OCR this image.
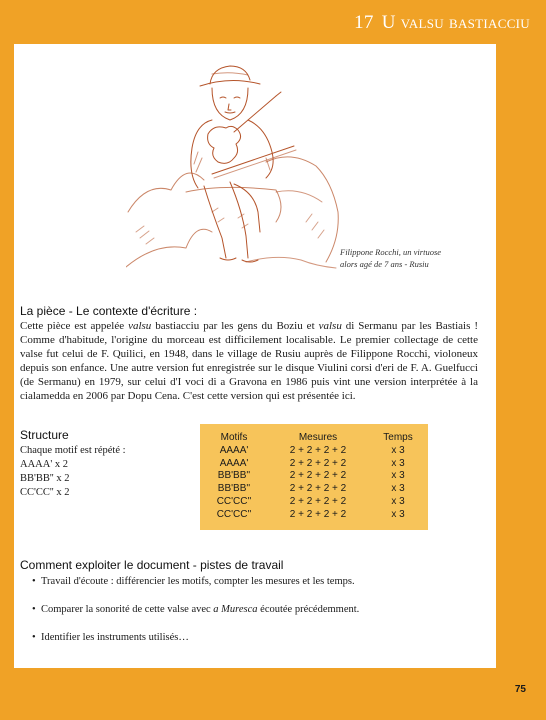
17 U valsu bastiacciu
Filippone Rocchi, un virtuose
alors agé de 7 ans - Rusiu
La pièce - Le contexte d'écriture :

Cette pièce est appelée valsu bastiacciu par les gens du Boziu et valsu di Sermanu par les Bastiais ! Comme d'habitude, l'origine du morceau est difficilement localisable. Le premier collectage de cette valse fut celui de F. Quilici, en 1948, dans le village de Rusiu auprès de Filippone Rocchi, violoneux depuis son enfance. Une autre version fut enregistrée sur le disque Viulini corsi d'eri de F. A. Guelfucci (de Sermanu) en 1979, sur celui d'I voci di a Gravona en 1986 puis vint une version interprétée à la cialamedda en 2006 par Dopu Cena. C'est cette version qui est présentée ici.

Structure
Chaque motif est répété :
AAAA' x 2
BB'BB'' x 2
CC'CC'' x 2
Motifs	Mesures	Temps
AAAA'	2 + 2 + 2 + 2	x 3
AAAA'	2 + 2 + 2 + 2	x 3
BB'BB''	2 + 2 + 2 + 2	x 3
BB'BB''	2 + 2 + 2 + 2	x 3
CC'CC''	2 + 2 + 2 + 2	x 3
CC'CC''	2 + 2 + 2 + 2	x 3
Comment exploiter le document - pistes de travail
• Travail d'écoute : différencier les motifs, compter les mesures et les temps.
• Comparer la sonorité de cette valse avec a Muresca écoutée précédemment.
• Identifier les instruments utilisés…
75
